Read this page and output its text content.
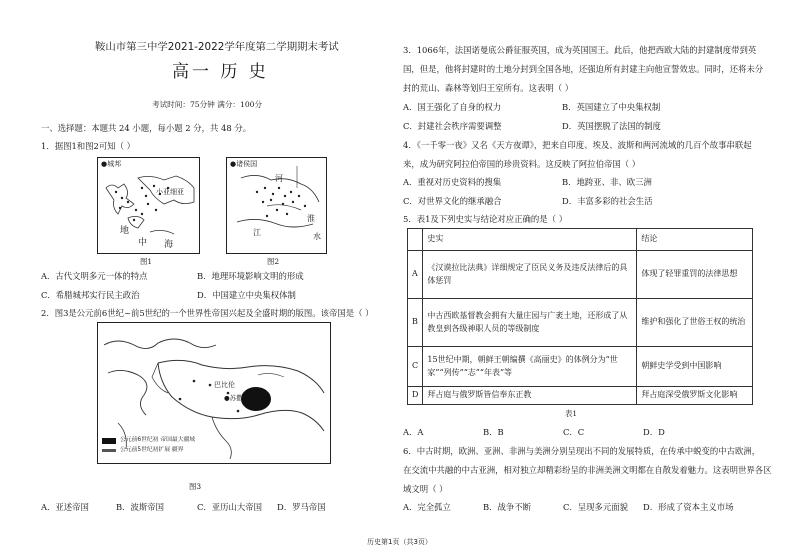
鞍山市第三中学2021-2022学年度第二学期期末考试
高一 历 史
考试时间：75分钟 满分：100分
一、选择题：本题共 24 小题，每小题 2 分，共 48 分。
1．据图1和图2可知（ ）
●城邦
小亚细亚
地
中 海
图1
●诸侯国
河
江
淮
水
图2
A．古代文明多元一体的特点	B．地理环境影响文明的形成
C．希腊城邦实行民主政治	D．中国建立中央集权体制
2．图3是公元前6世纪~前5世纪的一个世界性帝国兴起及全盛时期的版图。该帝国是（ ）
巴比伦
●苏撒
公元前6世纪初 帝国最大疆域
公元前5世纪初扩展 疆界
图3
A．亚述帝国	B．波斯帝国	C．亚历山大帝国 D．罗马帝国
3．1066年，法国诺曼底公爵征服英国，成为英国国王。此后，他把西欧大陆的封建制度带到英
国，但是，他将封建时的土地分封到全国各地，还强迫所有封建主向他宣誓效忠。同时，还将未分
封的荒山、森林等划归王室所有。这表明（ ）
A．国王强化了自身的权力	B．英国建立了中央集权制
C．封建社会秩序需要调整	D．英国摆脱了法国的制度
4．《一千零一夜》又名《天方夜谭》，把来自印度、埃及、波斯和两河流域的几百个故事串联起
来，成为研究阿拉伯帝国的珍贵资料。这反映了阿拉伯帝国（ ）
A．重视对历史资料的搜集	B．地跨亚、非、欧三洲
C．对世界文化的继承融合	D．丰富多彩的社会生活
5．表1及下列史实与结论对应正确的是（ ）
	史实	结论
A	《汉谟拉比法典》详细规定了臣民义务及违反法律后的具体惩罚	体现了轻罪重罚的法律思想
B	中古西欧基督教会拥有大量庄园与广袤土地，还形成了从教皇到各级神职人员的等级制度	维护和强化了世俗王权的统治
C	15世纪中期，朝鲜王朝编撰《高丽史》的体例分为“世家”“列传”“志”“年表”等	朝鲜史学受到中国影响
D	拜占庭与俄罗斯皆信奉东正教	拜占庭深受俄罗斯文化影响
表1
A．A	B．B	C．C	D．D
6．中古时期，欧洲、亚洲、非洲与美洲分别呈现出不同的发展特质，在传承中蜕变的中古欧洲，
在交流中共融的中古亚洲，相对独立却精彩纷呈的非洲美洲文明都在自散发着魅力。这表明世界各区
域文明（ ）
A．完全孤立	B．战争不断	C．呈现多元面貌 D．形成了资本主义市场
历史第1页（共3页）
